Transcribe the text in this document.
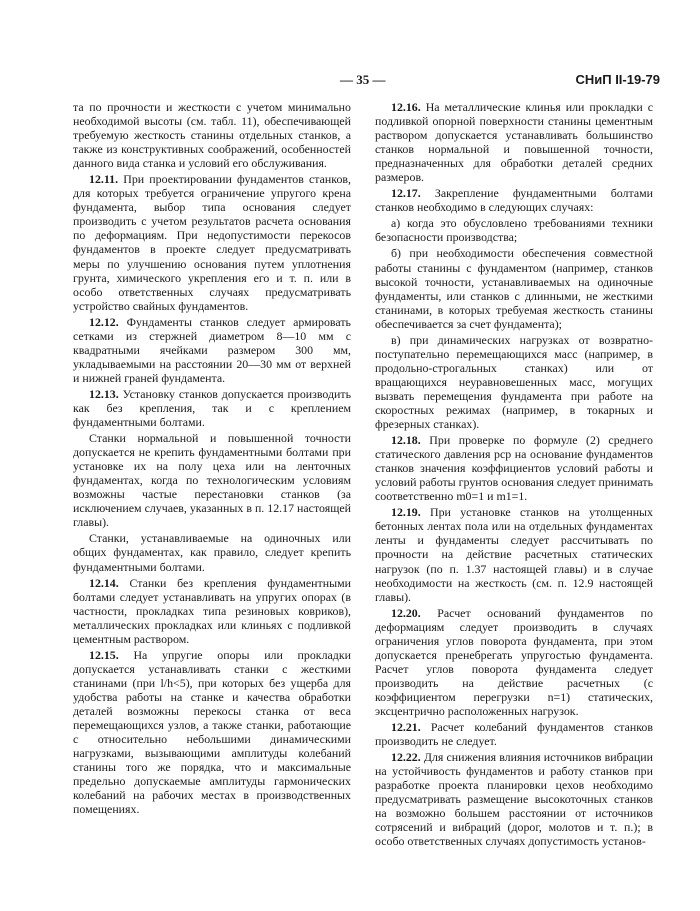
— 35 —	СНиП II-19-79

та по прочности и жесткости с учетом минимально необходимой высоты (см. табл. 11), обеспечивающей требуемую жесткость станины отдельных станков, а также из конструктивных соображений, особенностей данного вида станка и условий его обслуживания.

12.11. При проектировании фундаментов станков, для которых требуется ограничение упругого крена фундамента, выбор типа основания следует производить с учетом результатов расчета основания по деформациям. При недопустимости перекосов фундаментов в проекте следует предусматривать меры по улучшению основания путем уплотнения грунта, химического укрепления его и т. п. или в особо ответственных случаях предусматривать устройство свайных фундаментов.

12.12. Фундаменты станков следует армировать сетками из стержней диаметром 8—10 мм с квадратными ячейками размером 300 мм, укладываемыми на расстоянии 20—30 мм от верхней и нижней граней фундамента.

12.13. Установку станков допускается производить как без крепления, так и с креплением фундаментными болтами.

Станки нормальной и повышенной точности допускается не крепить фундаментными болтами при установке их на полу цеха или на ленточных фундаментах, когда по технологическим условиям возможны частые перестановки станков (за исключением случаев, указанных в п. 12.17 настоящей главы).

Станки, устанавливаемые на одиночных или общих фундаментах, как правило, следует крепить фундаментными болтами.

12.14. Станки без крепления фундаментными болтами следует устанавливать на упругих опорах (в частности, прокладках типа резиновых ковриков), металлических прокладках или клиньях с подливкой цементным раствором.

12.15. На упругие опоры или прокладки допускается устанавливать станки с жесткими станинами (при l/h<5), при которых без ущерба для удобства работы на станке и качества обработки деталей возможны перекосы станка от веса перемещающихся узлов, а также станки, работающие с относительно небольшими динамическими нагрузками, вызывающими амплитуды колебаний станины того же порядка, что и максимальные предельно допускаемые амплитуды гармонических колебаний на рабочих местах в производственных помещениях.

12.16. На металлические клинья или прокладки с подливкой опорной поверхности станины цементным раствором допускается устанавливать большинство станков нормальной и повышенной точности, предназначенных для обработки деталей средних размеров.

12.17. Закрепление фундаментными болтами станков необходимо в следующих случаях:

а) когда это обусловлено требованиями техники безопасности производства;

б) при необходимости обеспечения совместной работы станины с фундаментом (например, станков высокой точности, устанавливаемых на одиночные фундаменты, или станков с длинными, не жесткими станинами, в которых требуемая жесткость станины обеспечивается за счет фундамента);

в) при динамических нагрузках от возвратно-поступательно перемещающихся масс (например, в продольно-строгальных станках) или от вращающихся неуравновешенных масс, могущих вызвать перемещения фундамента при работе на скоростных режимах (например, в токарных и фрезерных станках).

12.18. При проверке по формуле (2) среднего статического давления pср на основание фундаментов станков значения коэффициентов условий работы и условий работы грунтов основания следует принимать соответственно m0=1 и m1=1.

12.19. При установке станков на утолщенных бетонных лентах пола или на отдельных фундаментах ленты и фундаменты следует рассчитывать по прочности на действие расчетных статических нагрузок (по п. 1.37 настоящей главы) и в случае необходимости на жесткость (см. п. 12.9 настоящей главы).

12.20. Расчет оснований фундаментов по деформациям следует производить в случаях ограничения углов поворота фундамента, при этом допускается пренебрегать упругостью фундамента. Расчет углов поворота фундамента следует производить на действие расчетных (с коэффициентом перегрузки n=1) статических, эксцентрично расположенных нагрузок.

12.21. Расчет колебаний фундаментов станков производить не следует.

12.22. Для снижения влияния источников вибрации на устойчивость фундаментов и работу станков при разработке проекта планировки цехов необходимо предусматривать размещение высокоточных станков на возможно большем расстоянии от источников сотрясений и вибраций (дорог, молотов и т. п.); в особо ответственных случаях допустимость установ-
